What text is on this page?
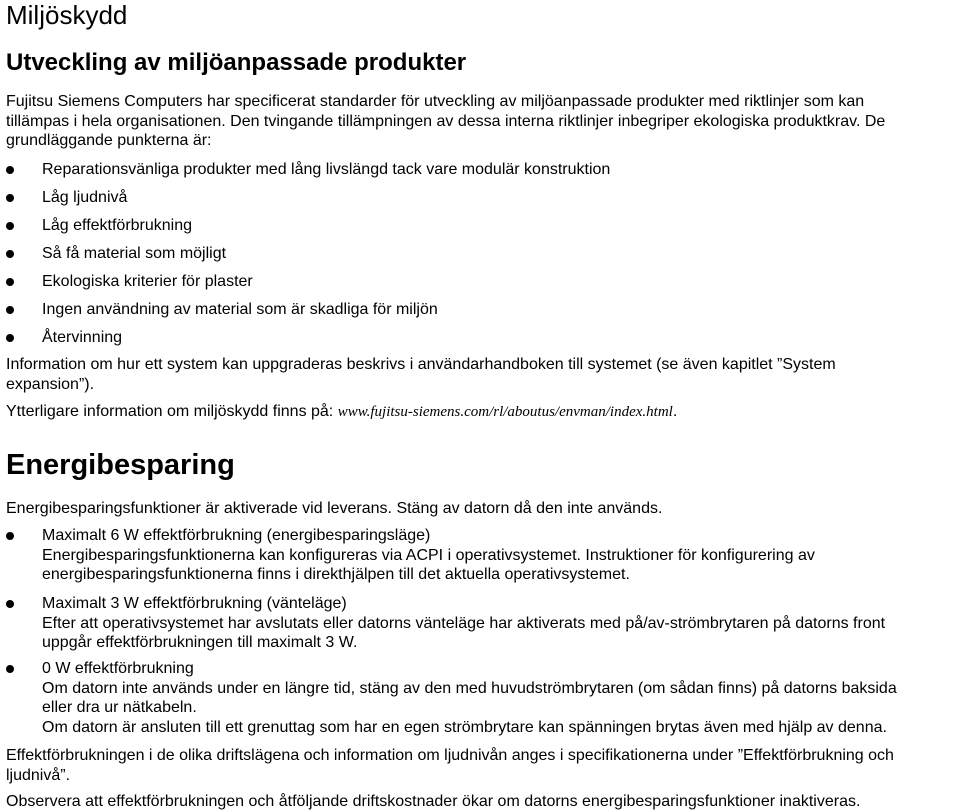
Miljöskydd
Utveckling av miljöanpassade produkter
Fujitsu Siemens Computers har specificerat standarder för utveckling av miljöanpassade produkter med riktlinjer som kan
tillämpas i hela organisationen. Den tvingande tillämpningen av dessa interna riktlinjer inbegriper ekologiska produktkrav. De
grundläggande punkterna är:
Reparationsvänliga produkter med lång livslängd tack vare modulär konstruktion
Låg ljudnivå
Låg effektförbrukning
Så få material som möjligt
Ekologiska kriterier för plaster
Ingen användning av material som är skadliga för miljön
Återvinning
Information om hur ett system kan uppgraderas beskrivs i användarhandboken till systemet (se även kapitlet ”System
expansion”).
Ytterligare information om miljöskydd finns på: www.fujitsu-siemens.com/rl/aboutus/envman/index.html.
Energibesparing
Energibesparingsfunktioner är aktiverade vid leverans. Stäng av datorn då den inte används.
Maximalt 6 W effektförbrukning (energibesparingsläge)
Energibesparingsfunktionerna kan konfigureras via ACPI i operativsystemet. Instruktioner för konfigurering av
energibesparingsfunktionerna finns i direkthjälpen till det aktuella operativsystemet.
Maximalt 3 W effektförbrukning (vänteläge)
Efter att operativsystemet har avslutats eller datorns vänteläge har aktiverats med på/av-strömbrytaren på datorns front
uppgår effektförbrukningen till maximalt 3 W.
0 W effektförbrukning
Om datorn inte används under en längre tid, stäng av den med huvudströmbrytaren (om sådan finns) på datorns baksida
eller dra ur nätkabeln.
Om datorn är ansluten till ett grenuttag som har en egen strömbrytare kan spänningen brytas även med hjälp av denna.
Effektförbrukningen i de olika driftslägena och information om ljudnivån anges i specifikationerna under ”Effektförbrukning och
ljudnivå”.
Observera att effektförbrukningen och åtföljande driftskostnader ökar om datorns energibesparingsfunktioner inaktiveras.
